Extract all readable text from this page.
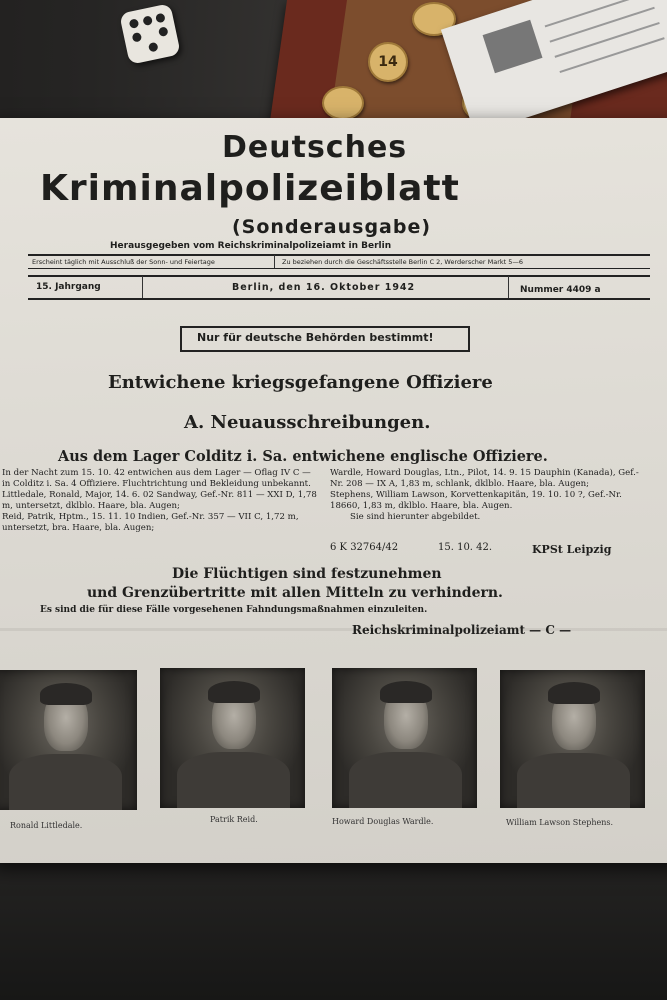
14
Deutsches
Kriminalpolizeiblatt
(Sonderausgabe)
Herausgegeben vom Reichskriminalpolizeiamt in Berlin
Erscheint täglich mit Ausschluß der Sonn- und Feiertage	Zu beziehen durch die Geschäftsstelle Berlin C 2, Werderscher Markt 5—6
15. Jahrgang	Berlin, den 16. Oktober 1942	Nummer 4409 a
Nur für deutsche Behörden bestimmt!
Entwichene kriegsgefangene Offiziere
A. Neuausschreibungen.
Aus dem Lager Colditz i. Sa. entwichene englische Offiziere.

In der Nacht zum 15. 10. 42 entwichen aus dem Lager — Oflag IV C — in Colditz i. Sa. 4 Offiziere. Fluchtrichtung und Bekleidung unbekannt.

Littledale, Ronald, Major, 14. 6. 02 Sandway, Gef.-Nr. 811 — XXI D, 1,78 m, untersetzt, dklblo. Haare, bla. Augen;

Reid, Patrik, Hptm., 15. 11. 10 Indien, Gef.-Nr. 357 — VII C, 1,72 m, untersetzt, bra. Haare, bla. Augen;

Wardle, Howard Douglas, Ltn., Pilot, 14. 9. 15 Dauphin (Kanada), Gef.-Nr. 208 — IX A, 1,83 m, schlank, dklblo. Haare, bla. Augen;

Stephens, William Lawson, Korvettenkapitän, 19. 10. 10 ?, Gef.-Nr. 18660, 1,83 m, dklblo. Haare, bla. Augen.

Sie sind hierunter abgebildet.

6 K 32764/42	15. 10. 42.	KPSt Leipzig
Die Flüchtigen sind festzunehmen
und Grenzübertritte mit allen Mitteln zu verhindern.
Es sind die für diese Fälle vorgesehenen Fahndungsmaßnahmen einzuleiten.
Reichskriminalpolizeiamt — C —
Ronald Littledale.
Patrik Reid.	Howard Douglas Wardle.	William Lawson Stephens.
